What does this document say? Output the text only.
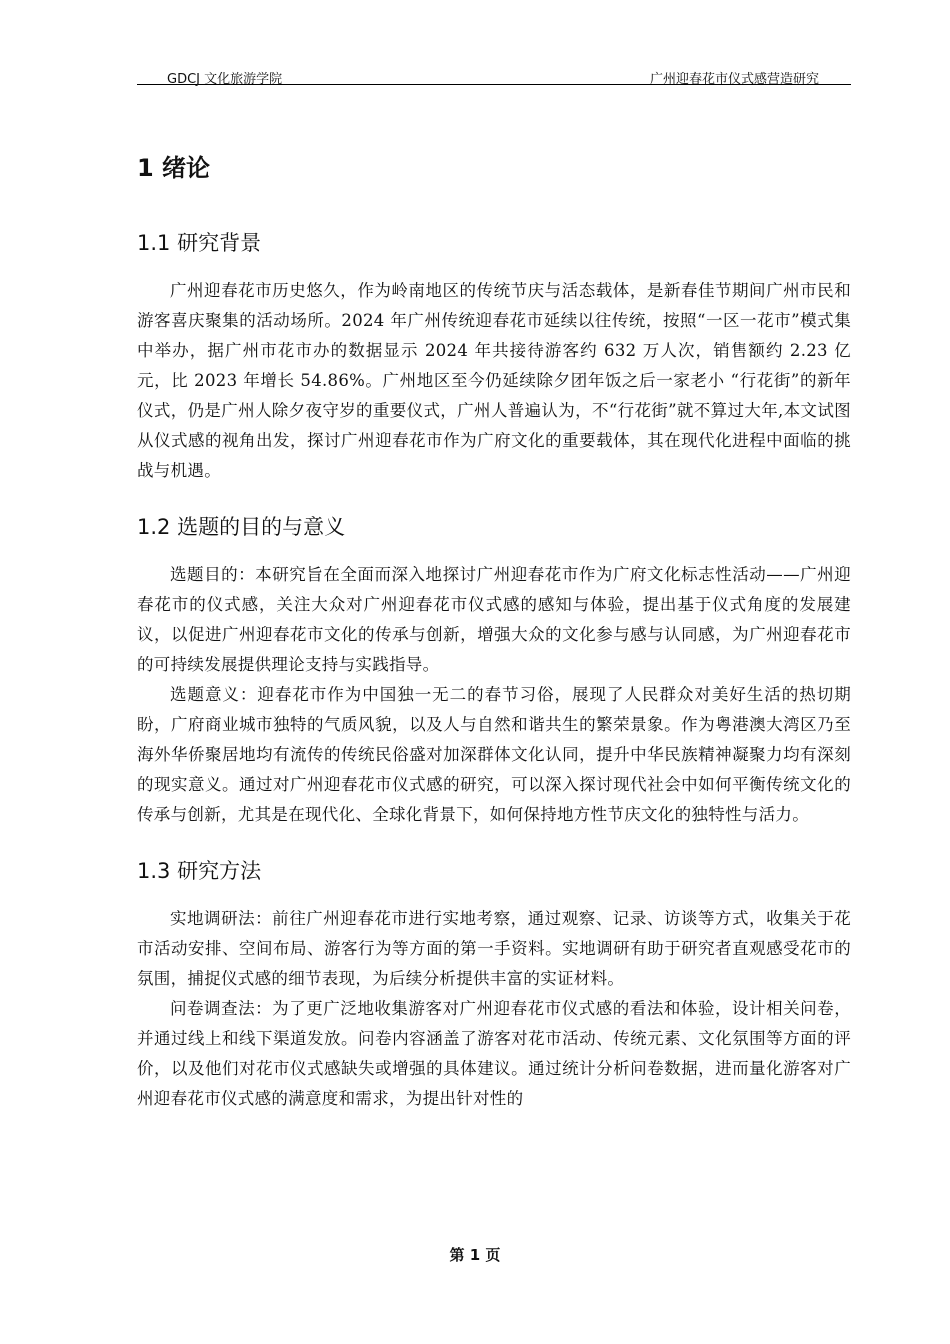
GDCJ 文化旅游学院	广州迎春花市仪式感营造研究
1 绪论
1.1 研究背景

广州迎春花市历史悠久，作为岭南地区的传统节庆与活态载体，是新春佳节期间广州市民和游客喜庆聚集的活动场所。2024 年广州传统迎春花市延续以往传统，按照“一区一花市”模式集中举办，据广州市花市办的数据显示 2024 年共接待游客约 632 万人次，销售额约 2.23 亿元，比 2023 年增长 54.86%。广州地区至今仍延续除夕团年饭之后一家老小 “行花街”的新年仪式，仍是广州人除夕夜守岁的重要仪式，广州人普遍认为，不“行花街”就不算过大年,本文试图从仪式感的视角出发，探讨广州迎春花市作为广府文化的重要载体，其在现代化进程中面临的挑战与机遇。

1.2 选题的目的与意义

选题目的：本研究旨在全面而深入地探讨广州迎春花市作为广府文化标志性活动——广州迎春花市的仪式感，关注大众对广州迎春花市仪式感的感知与体验，提出基于仪式角度的发展建议，以促进广州迎春花市文化的传承与创新，增强大众的文化参与感与认同感，为广州迎春花市的可持续发展提供理论支持与实践指导。

选题意义：迎春花市作为中国独一无二的春节习俗，展现了人民群众对美好生活的热切期盼，广府商业城市独特的气质风貌，以及人与自然和谐共生的繁荣景象。作为粤港澳大湾区乃至海外华侨聚居地均有流传的传统民俗盛对加深群体文化认同，提升中华民族精神凝聚力均有深刻的现实意义。通过对广州迎春花市仪式感的研究，可以深入探讨现代社会中如何平衡传统文化的传承与创新，尤其是在现代化、全球化背景下，如何保持地方性节庆文化的独特性与活力。

1.3 研究方法

实地调研法：前往广州迎春花市进行实地考察，通过观察、记录、访谈等方式，收集关于花市活动安排、空间布局、游客行为等方面的第一手资料。实地调研有助于研究者直观感受花市的氛围，捕捉仪式感的细节表现，为后续分析提供丰富的实证材料。

问卷调查法：为了更广泛地收集游客对广州迎春花市仪式感的看法和体验，设计相关问卷，并通过线上和线下渠道发放。问卷内容涵盖了游客对花市活动、传统元素、文化氛围等方面的评价，以及他们对花市仪式感缺失或增强的具体建议。通过统计分析问卷数据，进而量化游客对广州迎春花市仪式感的满意度和需求，为提出针对性的

第 1 页
